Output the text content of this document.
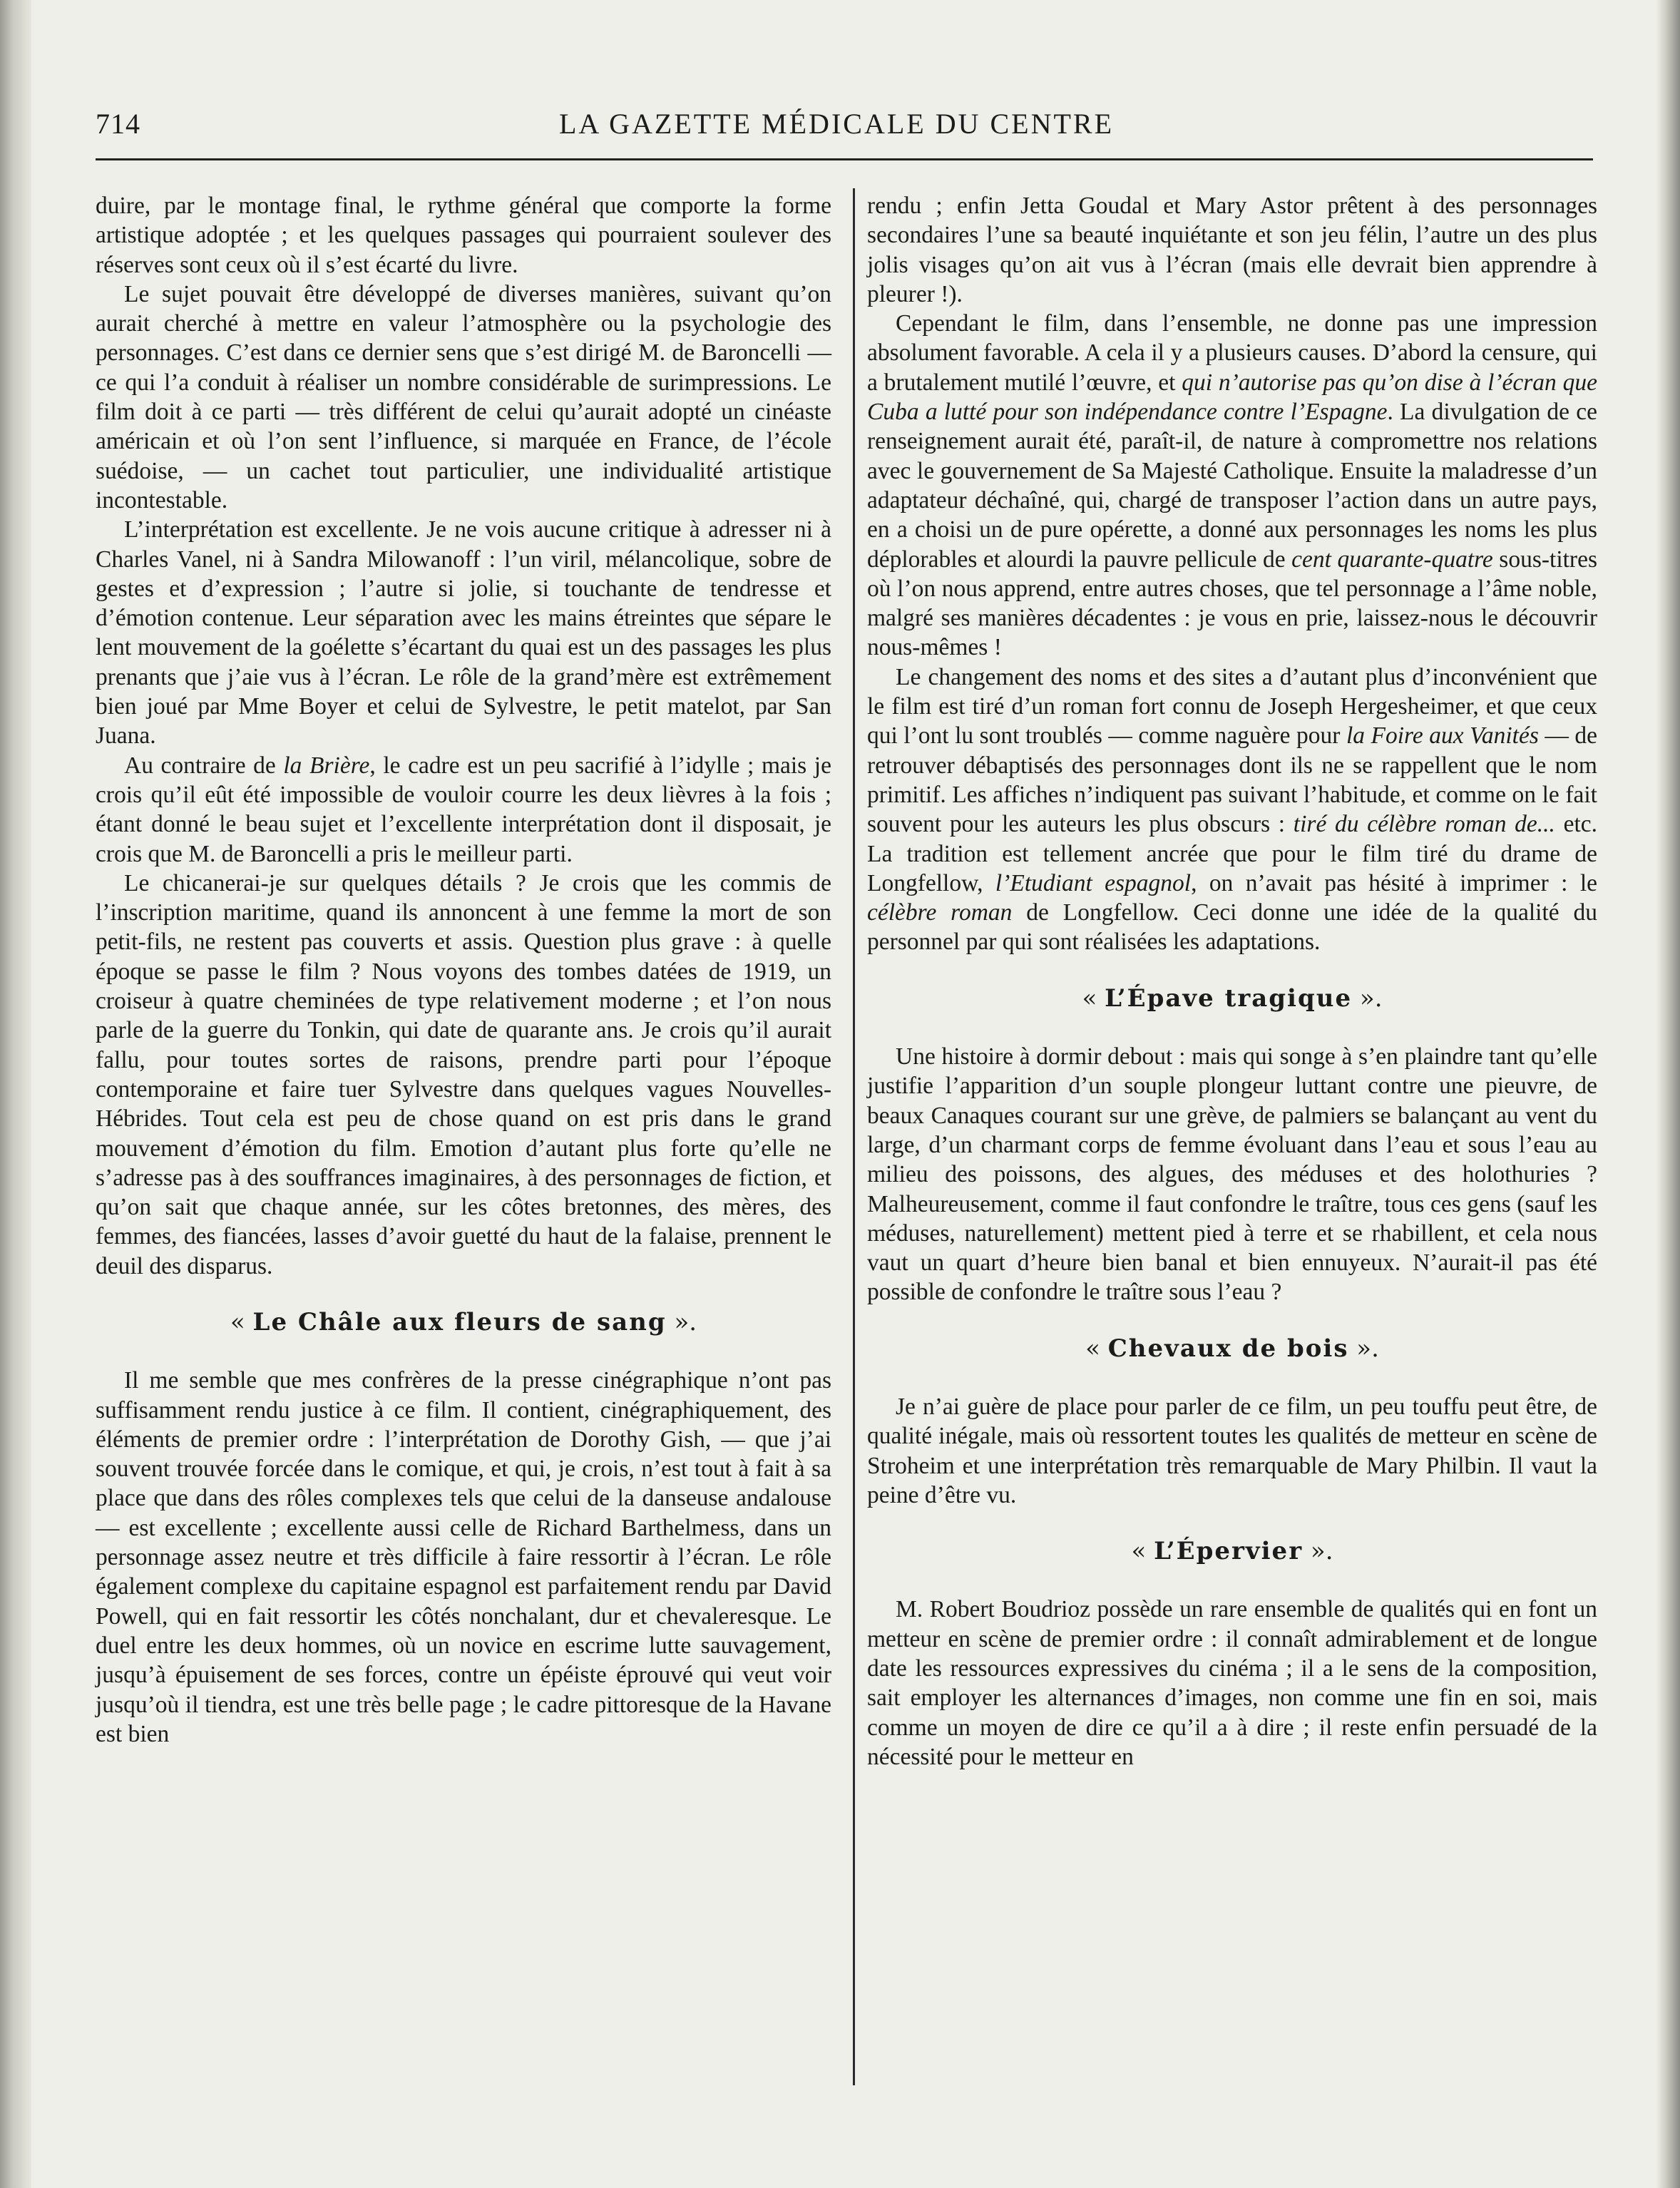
714	LA GAZETTE MÉDICALE DU CENTRE

duire, par le montage final, le rythme général que comporte la forme artistique adoptée ; et les quelques passages qui pourraient soulever des réserves sont ceux où il s’est écarté du livre.

Le sujet pouvait être développé de diverses manières, suivant qu’on aurait cherché à mettre en valeur l’atmosphère ou la psychologie des personnages. C’est dans ce dernier sens que s’est dirigé M. de Baroncelli — ce qui l’a conduit à réaliser un nombre considérable de surimpressions. Le film doit à ce parti — très différent de celui qu’aurait adopté un cinéaste américain et où l’on sent l’influence, si marquée en France, de l’école suédoise, — un cachet tout particulier, une individualité artistique incontestable.

L’interprétation est excellente. Je ne vois aucune critique à adresser ni à Charles Vanel, ni à Sandra Milowanoff : l’un viril, mélancolique, sobre de gestes et d’expression ; l’autre si jolie, si touchante de tendresse et d’émotion contenue. Leur séparation avec les mains étreintes que sépare le lent mouvement de la goélette s’écartant du quai est un des passages les plus prenants que j’aie vus à l’écran. Le rôle de la grand’mère est extrêmement bien joué par Mme Boyer et celui de Sylvestre, le petit matelot, par San Juana.

Au contraire de la Brière, le cadre est un peu sacrifié à l’idylle ; mais je crois qu’il eût été impossible de vouloir courre les deux lièvres à la fois ; étant donné le beau sujet et l’excellente interprétation dont il disposait, je crois que M. de Baroncelli a pris le meilleur parti.

Le chicanerai-je sur quelques détails ? Je crois que les commis de l’inscription maritime, quand ils annoncent à une femme la mort de son petit-fils, ne restent pas couverts et assis. Question plus grave : à quelle époque se passe le film ? Nous voyons des tombes datées de 1919, un croiseur à quatre cheminées de type relativement moderne ; et l’on nous parle de la guerre du Tonkin, qui date de quarante ans. Je crois qu’il aurait fallu, pour toutes sortes de raisons, prendre parti pour l’époque contemporaine et faire tuer Sylvestre dans quelques vagues Nouvelles-Hébrides. Tout cela est peu de chose quand on est pris dans le grand mouvement d’émotion du film. Emotion d’autant plus forte qu’elle ne s’adresse pas à des souffrances imaginaires, à des personnages de fiction, et qu’on sait que chaque année, sur les côtes bretonnes, des mères, des femmes, des fiancées, lasses d’avoir guetté du haut de la falaise, prennent le deuil des disparus.

« Le Châle aux fleurs de sang ».

Il me semble que mes confrères de la presse cinégraphique n’ont pas suffisamment rendu justice à ce film. Il contient, cinégraphiquement, des éléments de premier ordre : l’interprétation de Dorothy Gish, — que j’ai souvent trouvée forcée dans le comique, et qui, je crois, n’est tout à fait à sa place que dans des rôles complexes tels que celui de la danseuse andalouse — est excellente ; excellente aussi celle de Richard Barthelmess, dans un personnage assez neutre et très difficile à faire ressortir à l’écran. Le rôle également complexe du capitaine espagnol est parfaitement rendu par David Powell, qui en fait ressortir les côtés nonchalant, dur et chevaleresque. Le duel entre les deux hommes, où un novice en escrime lutte sauvagement, jusqu’à épuisement de ses forces, contre un épéiste éprouvé qui veut voir jusqu’où il tiendra, est une très belle page ; le cadre pittoresque de la Havane est bien

rendu ; enfin Jetta Goudal et Mary Astor prêtent à des personnages secondaires l’une sa beauté inquiétante et son jeu félin, l’autre un des plus jolis visages qu’on ait vus à l’écran (mais elle devrait bien apprendre à pleurer !).

Cependant le film, dans l’ensemble, ne donne pas une impression absolument favorable. A cela il y a plusieurs causes. D’abord la censure, qui a brutalement mutilé l’œuvre, et qui n’autorise pas qu’on dise à l’écran que Cuba a lutté pour son indépendance contre l’Espagne. La divulgation de ce renseignement aurait été, paraît-il, de nature à compromettre nos relations avec le gouvernement de Sa Majesté Catholique. Ensuite la maladresse d’un adaptateur déchaîné, qui, chargé de transposer l’action dans un autre pays, en a choisi un de pure opérette, a donné aux personnages les noms les plus déplorables et alourdi la pauvre pellicule de cent quarante-quatre sous-titres où l’on nous apprend, entre autres choses, que tel personnage a l’âme noble, malgré ses manières décadentes : je vous en prie, laissez-nous le découvrir nous-mêmes !

Le changement des noms et des sites a d’autant plus d’inconvénient que le film est tiré d’un roman fort connu de Joseph Hergesheimer, et que ceux qui l’ont lu sont troublés — comme naguère pour la Foire aux Vanités — de retrouver débaptisés des personnages dont ils ne se rappellent que le nom primitif. Les affiches n’indiquent pas suivant l’habitude, et comme on le fait souvent pour les auteurs les plus obscurs : tiré du célèbre roman de... etc. La tradition est tellement ancrée que pour le film tiré du drame de Longfellow, l’Etudiant espagnol, on n’avait pas hésité à imprimer : le célèbre roman de Longfellow. Ceci donne une idée de la qualité du personnel par qui sont réalisées les adaptations.

« L’Épave tragique ».

Une histoire à dormir debout : mais qui songe à s’en plaindre tant qu’elle justifie l’apparition d’un souple plongeur luttant contre une pieuvre, de beaux Canaques courant sur une grève, de palmiers se balançant au vent du large, d’un charmant corps de femme évoluant dans l’eau et sous l’eau au milieu des poissons, des algues, des méduses et des holothuries ? Malheureusement, comme il faut confondre le traître, tous ces gens (sauf les méduses, naturellement) mettent pied à terre et se rhabillent, et cela nous vaut un quart d’heure bien banal et bien ennuyeux. N’aurait-il pas été possible de confondre le traître sous l’eau ?

« Chevaux de bois ».

Je n’ai guère de place pour parler de ce film, un peu touffu peut être, de qualité inégale, mais où ressortent toutes les qualités de metteur en scène de Stroheim et une interprétation très remarquable de Mary Philbin. Il vaut la peine d’être vu.

« L’Épervier ».

M. Robert Boudrioz possède un rare ensemble de qualités qui en font un metteur en scène de premier ordre : il connaît admirablement et de longue date les ressources expressives du cinéma ; il a le sens de la composition, sait employer les alternances d’images, non comme une fin en soi, mais comme un moyen de dire ce qu’il a à dire ; il reste enfin persuadé de la nécessité pour le metteur en
